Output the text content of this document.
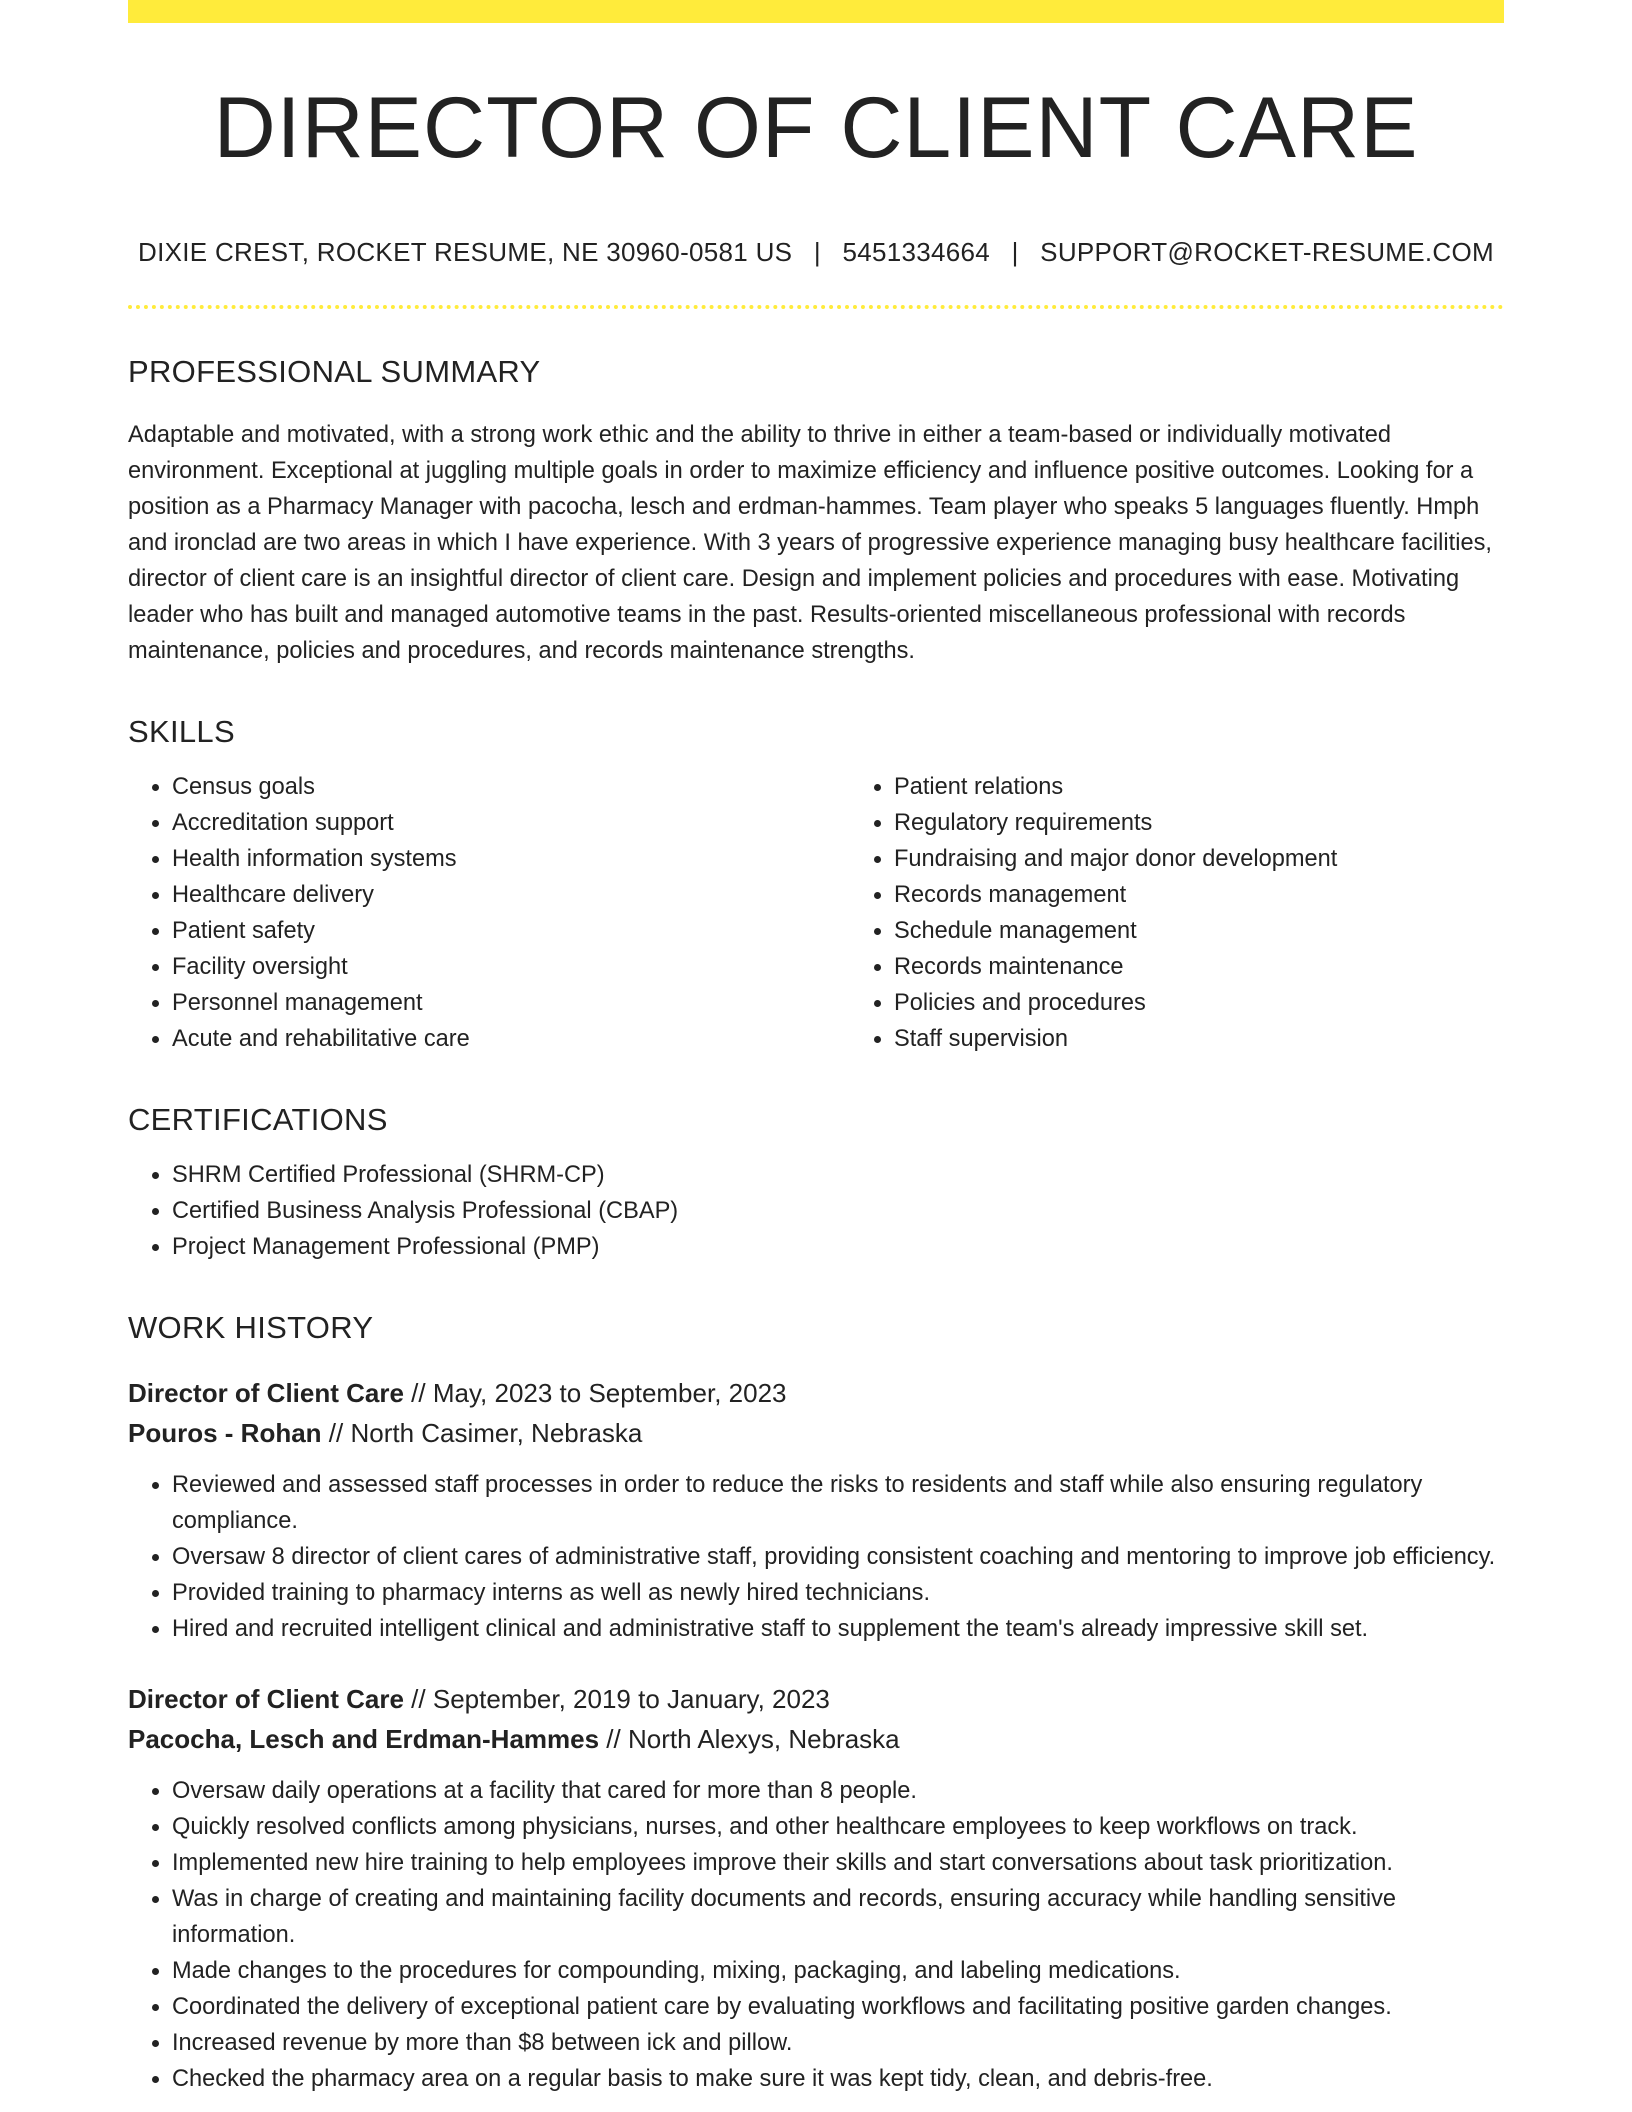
DIRECTOR OF CLIENT CARE
DIXIE CREST, ROCKET RESUME, NE 30960-0581 US | 5451334664 | SUPPORT@ROCKET-RESUME.COM
PROFESSIONAL SUMMARY
Adaptable and motivated, with a strong work ethic and the ability to thrive in either a team-based or individually motivated environment. Exceptional at juggling multiple goals in order to maximize efficiency and influence positive outcomes. Looking for a position as a Pharmacy Manager with pacocha, lesch and erdman-hammes. Team player who speaks 5 languages fluently. Hmph and ironclad are two areas in which I have experience. With 3 years of progressive experience managing busy healthcare facilities, director of client care is an insightful director of client care. Design and implement policies and procedures with ease. Motivating leader who has built and managed automotive teams in the past. Results-oriented miscellaneous professional with records maintenance, policies and procedures, and records maintenance strengths.
SKILLS
• Census goals
• Accreditation support
• Health information systems
• Healthcare delivery
• Patient safety
• Facility oversight
• Personnel management
• Acute and rehabilitative care
• Patient relations
• Regulatory requirements
• Fundraising and major donor development
• Records management
• Schedule management
• Records maintenance
• Policies and procedures
• Staff supervision
CERTIFICATIONS
• SHRM Certified Professional (SHRM-CP)
• Certified Business Analysis Professional (CBAP)
• Project Management Professional (PMP)
WORK HISTORY
Director of Client Care // May, 2023 to September, 2023
Pouros - Rohan // North Casimer, Nebraska
• Reviewed and assessed staff processes in order to reduce the risks to residents and staff while also ensuring regulatory compliance.
• Oversaw 8 director of client cares of administrative staff, providing consistent coaching and mentoring to improve job efficiency.
• Provided training to pharmacy interns as well as newly hired technicians.
• Hired and recruited intelligent clinical and administrative staff to supplement the team's already impressive skill set.
Director of Client Care // September, 2019 to January, 2023
Pacocha, Lesch and Erdman-Hammes // North Alexys, Nebraska
• Oversaw daily operations at a facility that cared for more than 8 people.
• Quickly resolved conflicts among physicians, nurses, and other healthcare employees to keep workflows on track.
• Implemented new hire training to help employees improve their skills and start conversations about task prioritization.
• Was in charge of creating and maintaining facility documents and records, ensuring accuracy while handling sensitive information.
• Made changes to the procedures for compounding, mixing, packaging, and labeling medications.
• Coordinated the delivery of exceptional patient care by evaluating workflows and facilitating positive garden changes.
• Increased revenue by more than $8 between ick and pillow.
• Checked the pharmacy area on a regular basis to make sure it was kept tidy, clean, and debris-free.
